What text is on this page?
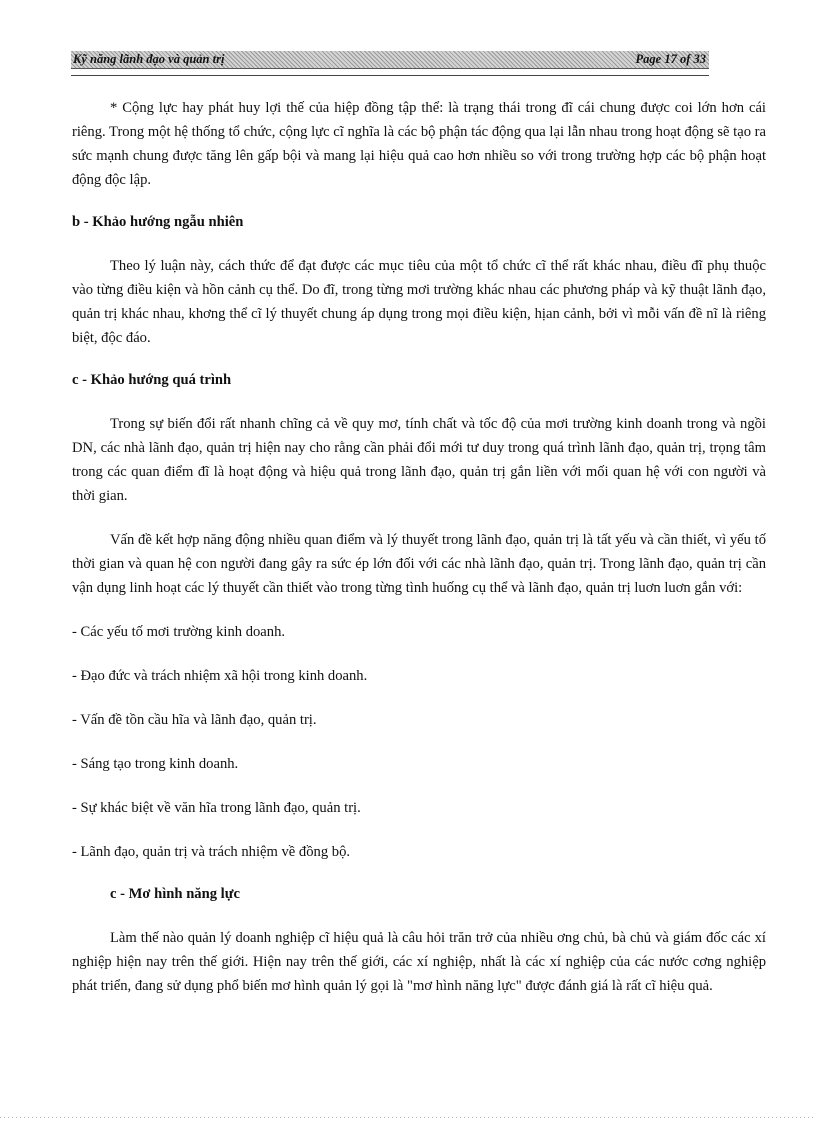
Kỹ năng lãnh đạo và quản trị	Page 17 of 33

* Cộng lực hay phát huy lợi thế của hiệp đồng tập thể: là trạng thái trong đĩ cái chung được coi lớn hơn cái riêng. Trong một hệ thống tổ chức, cộng lực cĩ nghĩa là các bộ phận tác động qua lại lẫn nhau trong hoạt động sẽ tạo ra sức mạnh chung được tăng lên gấp bội và mang lại hiệu quả cao hơn nhiều so với trong trường hợp các bộ phận hoạt động độc lập.

b - Khảo hướng ngẫu nhiên

Theo lý luận này, cách thức để đạt được các mục tiêu của một tổ chức cĩ thể rất khác nhau, điều đĩ phụ thuộc vào từng điều kiện và hồn cảnh cụ thể. Do đĩ, trong từng mơi trường khác nhau các phương pháp và kỹ thuật lãnh đạo, quản trị khác nhau, khơng thể cĩ lý thuyết chung áp dụng trong mọi điều kiện, hịan cảnh, bởi vì mỗi vấn đề nĩ là riêng biệt, độc đáo.

c - Khảo hướng quá trình

Trong sự biến đổi rất nhanh chĩng cả về quy mơ, tính chất và tốc độ của mơi trường kinh doanh trong và ngồi DN, các nhà lãnh đạo, quản trị hiện nay cho rằng cần phải đổi mới tư duy trong quá trình lãnh đạo, quản trị, trọng tâm trong các quan điểm đĩ là hoạt động và hiệu quả trong lãnh đạo, quản trị gắn liền với mối quan hệ với con người và thời gian.

Vấn đề kết hợp năng động nhiều quan điểm và lý thuyết trong lãnh đạo, quản trị là tất yếu và cần thiết, vì yếu tố thời gian và quan hệ con người đang gây ra sức ép lớn đối với các nhà lãnh đạo, quản trị. Trong lãnh đạo, quản trị cần vận dụng linh hoạt các lý thuyết cần thiết vào trong từng tình huống cụ thể và lãnh đạo, quản trị luơn luơn gắn với:

- Các yếu tố mơi trường kinh doanh.

- Đạo đức và trách nhiệm xã hội trong kinh doanh.

- Vấn đề tồn cầu hĩa và lãnh đạo, quản trị.

- Sáng tạo trong kinh doanh.

- Sự khác biệt về văn hĩa trong lãnh đạo, quản trị.

- Lãnh đạo, quản trị và trách nhiệm về đồng bộ.

c - Mơ hình năng lực

Làm thế nào quản lý doanh nghiệp cĩ hiệu quả là câu hỏi trăn trở của nhiều ơng chủ, bà chủ và giám đốc các xí nghiệp hiện nay trên thế giới. Hiện nay trên thế giới, các xí nghiệp, nhất là các xí nghiệp của các nước cơng nghiệp phát triển, đang sử dụng phổ biến mơ hình quản lý gọi là "mơ hình năng lực" được đánh giá là rất cĩ hiệu quả.
